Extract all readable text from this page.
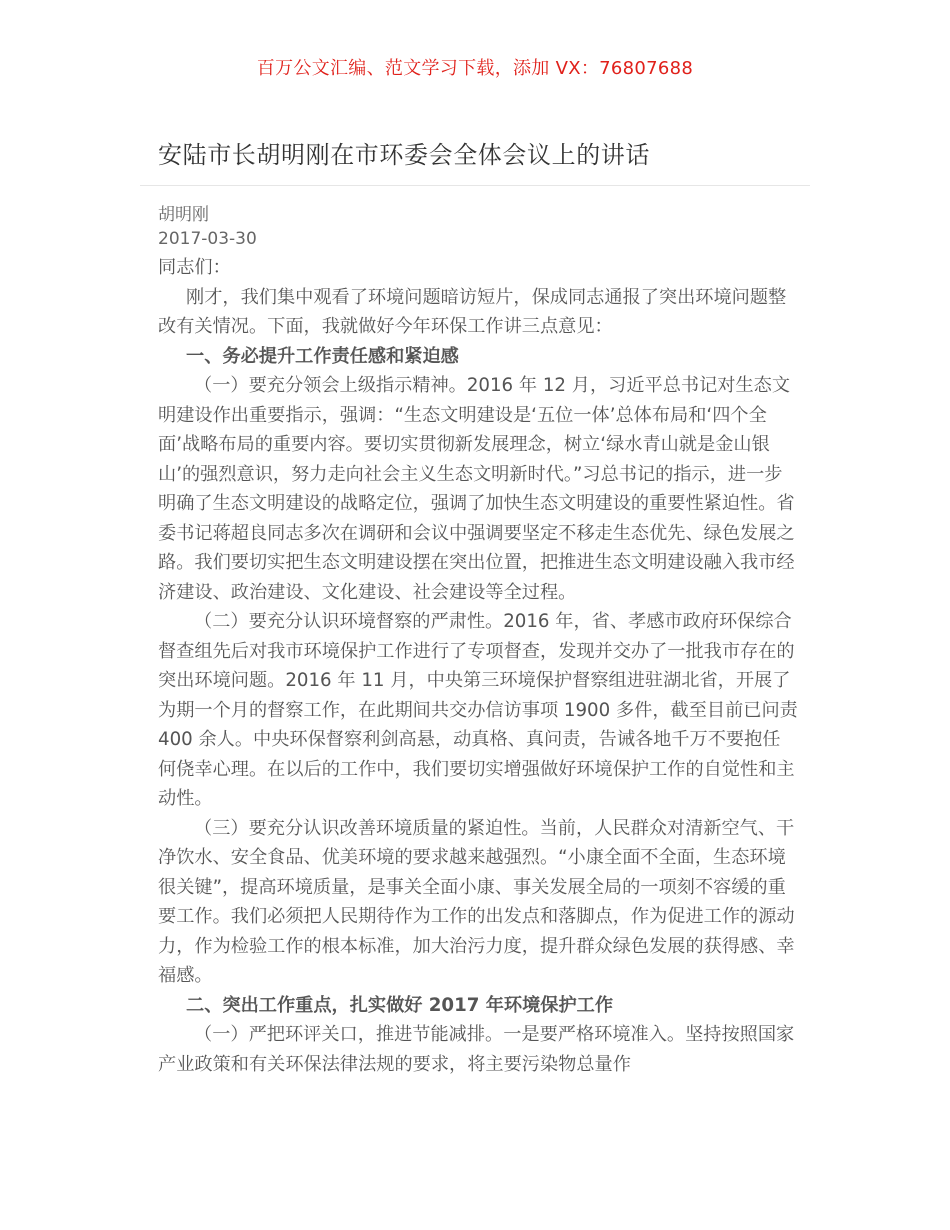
百万公文汇编、范文学习下载，添加 VX：76807688
安陆市长胡明刚在市环委会全体会议上的讲话
胡明刚
2017-03-30

同志们：

刚才，我们集中观看了环境问题暗访短片，保成同志通报了突出环境问题整改有关情况。下面，我就做好今年环保工作讲三点意见：

一、务必提升工作责任感和紧迫感

（一）要充分领会上级指示精神。2016 年 12 月，习近平总书记对生态文明建设作出重要指示，强调：“生态文明建设是‘五位一体’总体布局和‘四个全面’战略布局的重要内容。要切实贯彻新发展理念，树立‘绿水青山就是金山银山’的强烈意识，努力走向社会主义生态文明新时代。”习总书记的指示，进一步明确了生态文明建设的战略定位，强调了加快生态文明建设的重要性紧迫性。省委书记蒋超良同志多次在调研和会议中强调要坚定不移走生态优先、绿色发展之路。我们要切实把生态文明建设摆在突出位置，把推进生态文明建设融入我市经济建设、政治建设、文化建设、社会建设等全过程。

（二）要充分认识环境督察的严肃性。2016 年，省、孝感市政府环保综合督查组先后对我市环境保护工作进行了专项督查，发现并交办了一批我市存在的突出环境问题。2016 年 11 月，中央第三环境保护督察组进驻湖北省，开展了为期一个月的督察工作，在此期间共交办信访事项 1900 多件，截至目前已问责 400 余人。中央环保督察利剑高悬，动真格、真问责，告诫各地千万不要抱任何侥幸心理。在以后的工作中，我们要切实增强做好环境保护工作的自觉性和主动性。

（三）要充分认识改善环境质量的紧迫性。当前，人民群众对清新空气、干净饮水、安全食品、优美环境的要求越来越强烈。“小康全面不全面，生态环境很关键”，提高环境质量，是事关全面小康、事关发展全局的一项刻不容缓的重要工作。我们必须把人民期待作为工作的出发点和落脚点，作为促进工作的源动力，作为检验工作的根本标准，加大治污力度，提升群众绿色发展的获得感、幸福感。

二、突出工作重点，扎实做好 2017 年环境保护工作

（一）严把环评关口，推进节能减排。一是要严格环境准入。坚持按照国家产业政策和有关环保法律法规的要求，将主要污染物总量作
